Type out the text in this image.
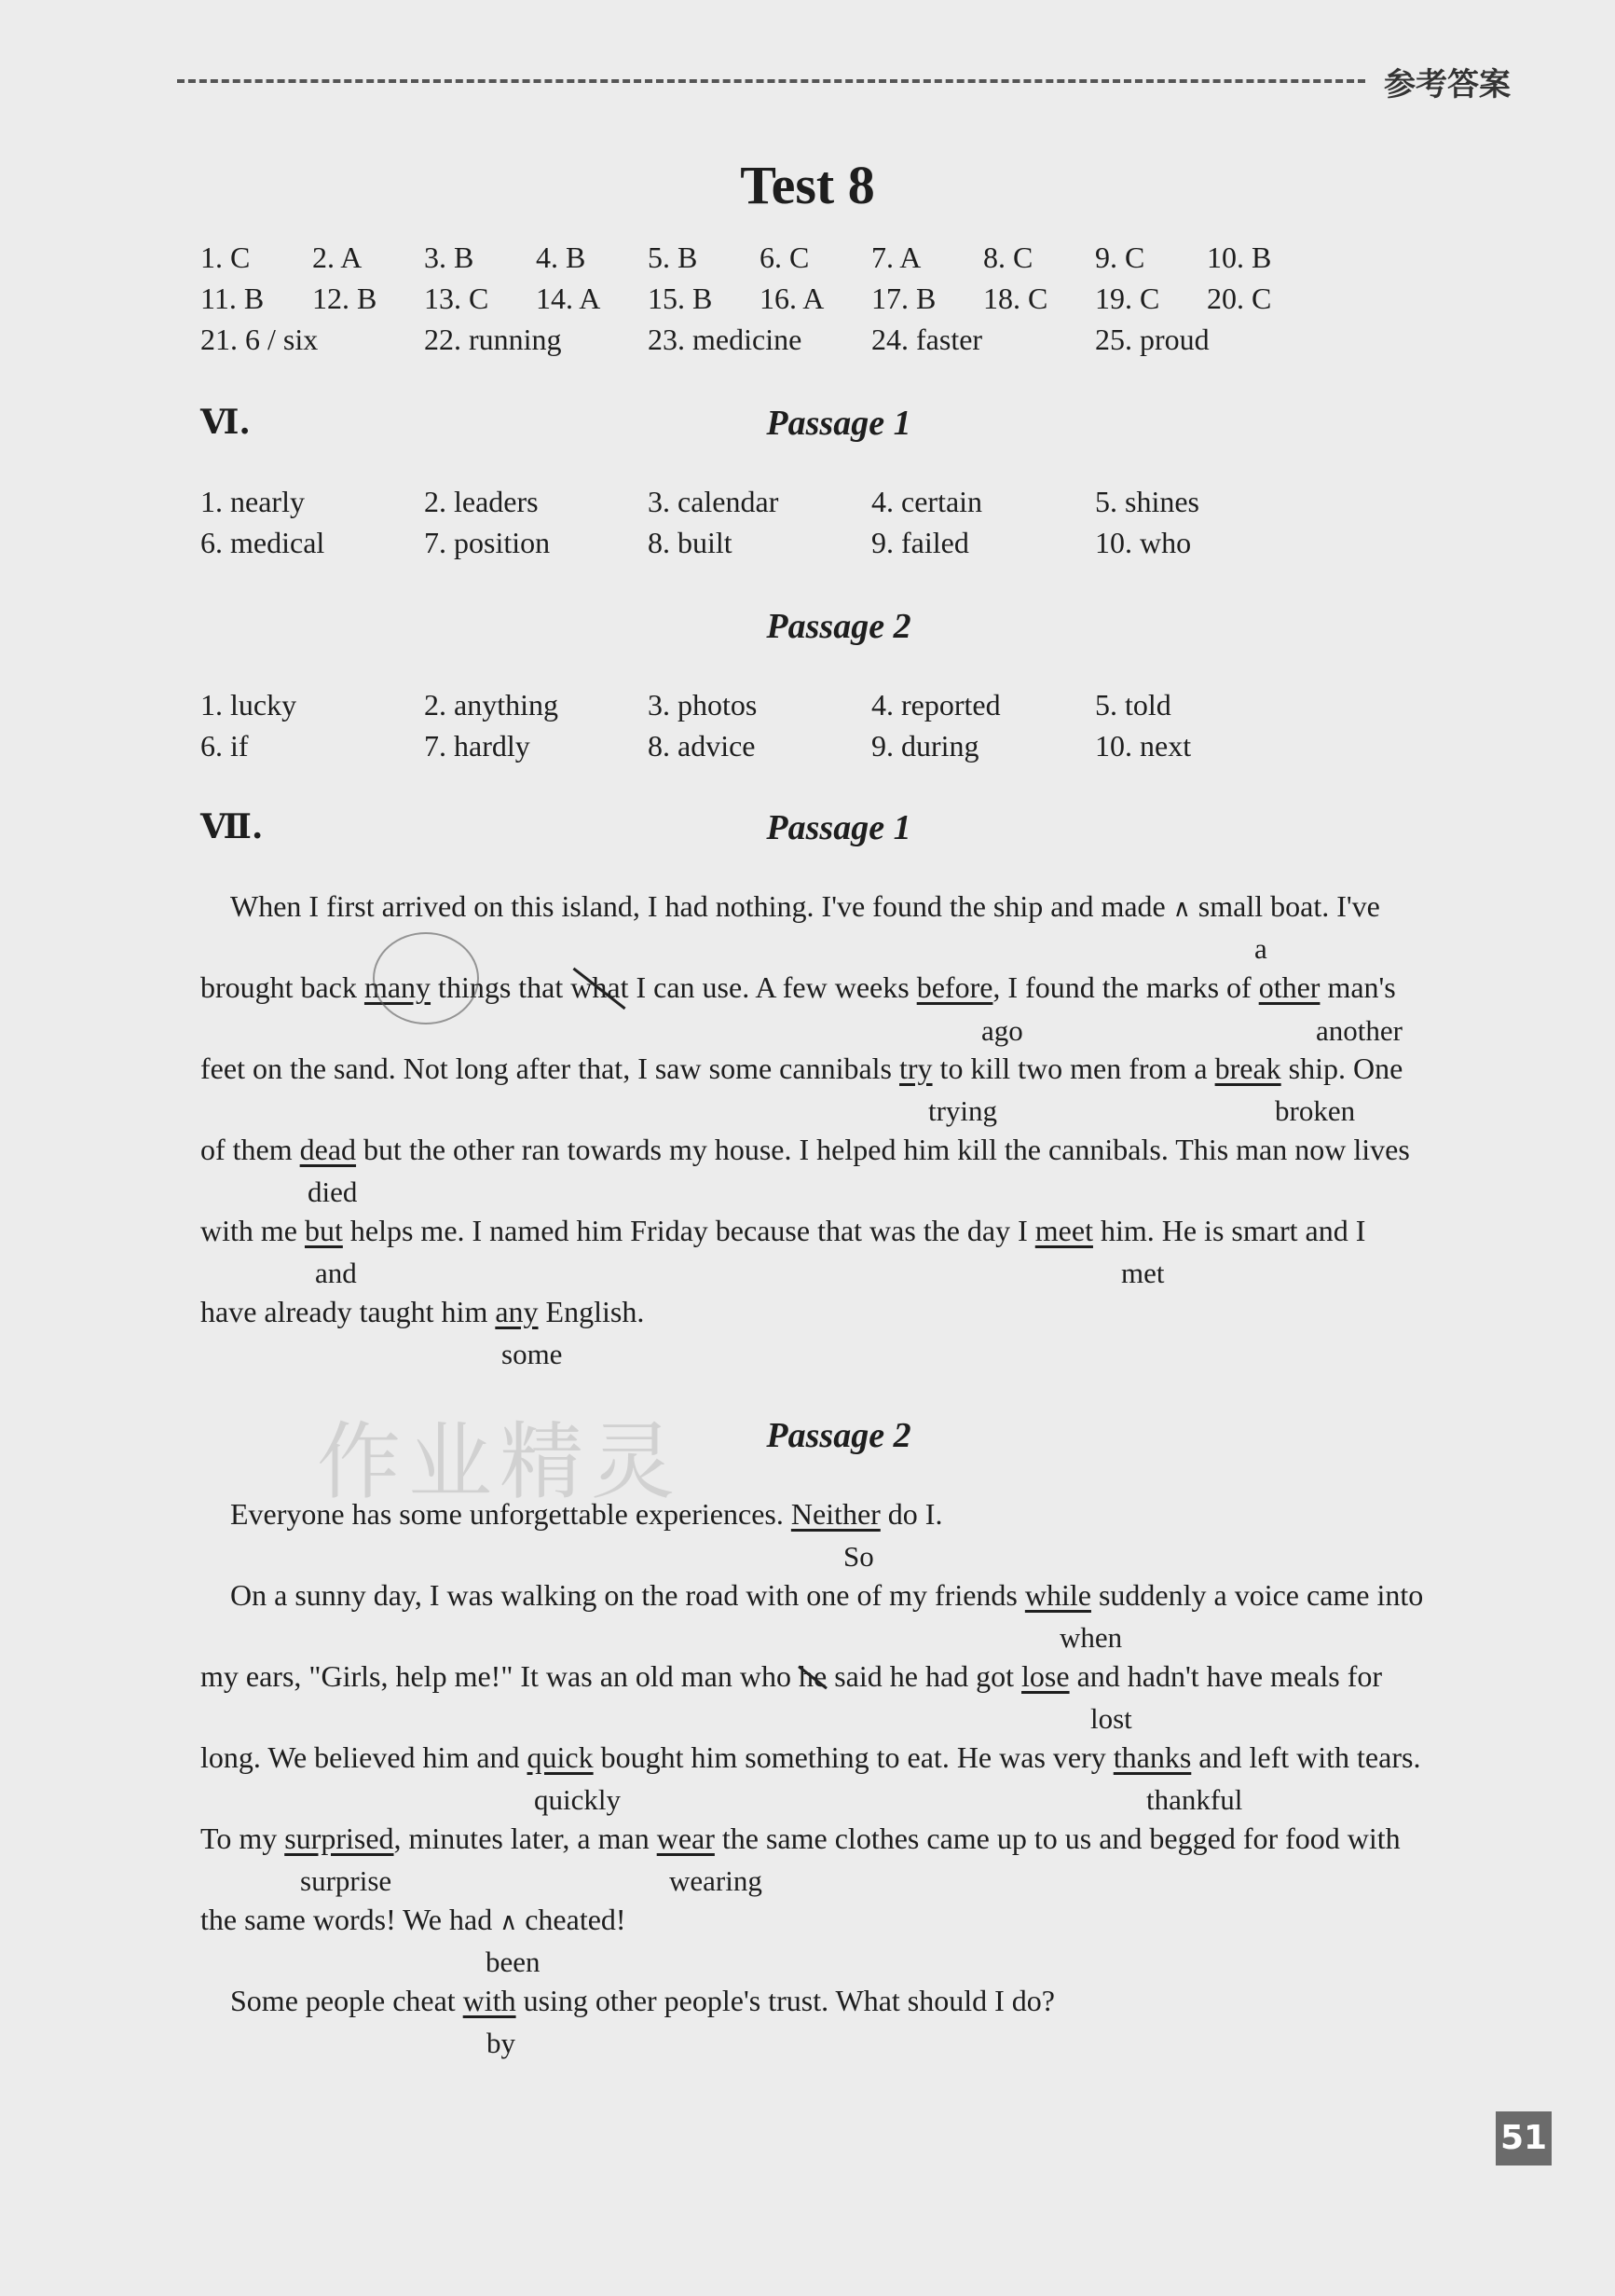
参考答案
Test 8
1. C 2. A 3. B 4. B 5. B 6. C 7. A 8. C 9. C 10. B
11. B 12. B 13. C 14. A 15. B 16. A 17. B 18. C 19. C 20. C
21. 6 / six	22. running	23. medicine 24. faster	25. proud
Ⅵ.	Passage 1
1. nearly	2. leaders	3. calendar	4. certain	5. shines
6. medical	7. position	8. built	9. failed	10. who
Passage 2
1. lucky	2. anything	3. photos	4. reported	5. told
6. if	7. hardly	8. advice	9. during	10. next
Ⅶ.	Passage 1
When I first arrived on this island, I had nothing. I've found the ship and made ∧ small boat. I've
a
brought back many things that what I can use. A few weeks before, I found the marks of other man's
ago	another
feet on the sand. Not long after that, I saw some cannibals try to kill two men from a break ship. One
trying	broken
of them dead but the other ran towards my house. I helped him kill the cannibals. This man now lives
died
with me but helps me. I named him Friday because that was the day I meet him. He is smart and I
and	met
have already taught him any English.
some
作业精灵	Passage 2
Everyone has some unforgettable experiences. Neither do I.
So
On a sunny day, I was walking on the road with one of my friends while suddenly a voice came into
when
my ears, "Girls, help me!" It was an old man who he said he had got lose and hadn't have meals for
lost
long. We believed him and quick bought him something to eat. He was very thanks and left with tears.
quickly	thankful
To my surprised, minutes later, a man wear the same clothes came up to us and begged for food with
surprise	wearing
the same words! We had ∧ cheated!
been
Some people cheat with using other people's trust. What should I do?
by
51
